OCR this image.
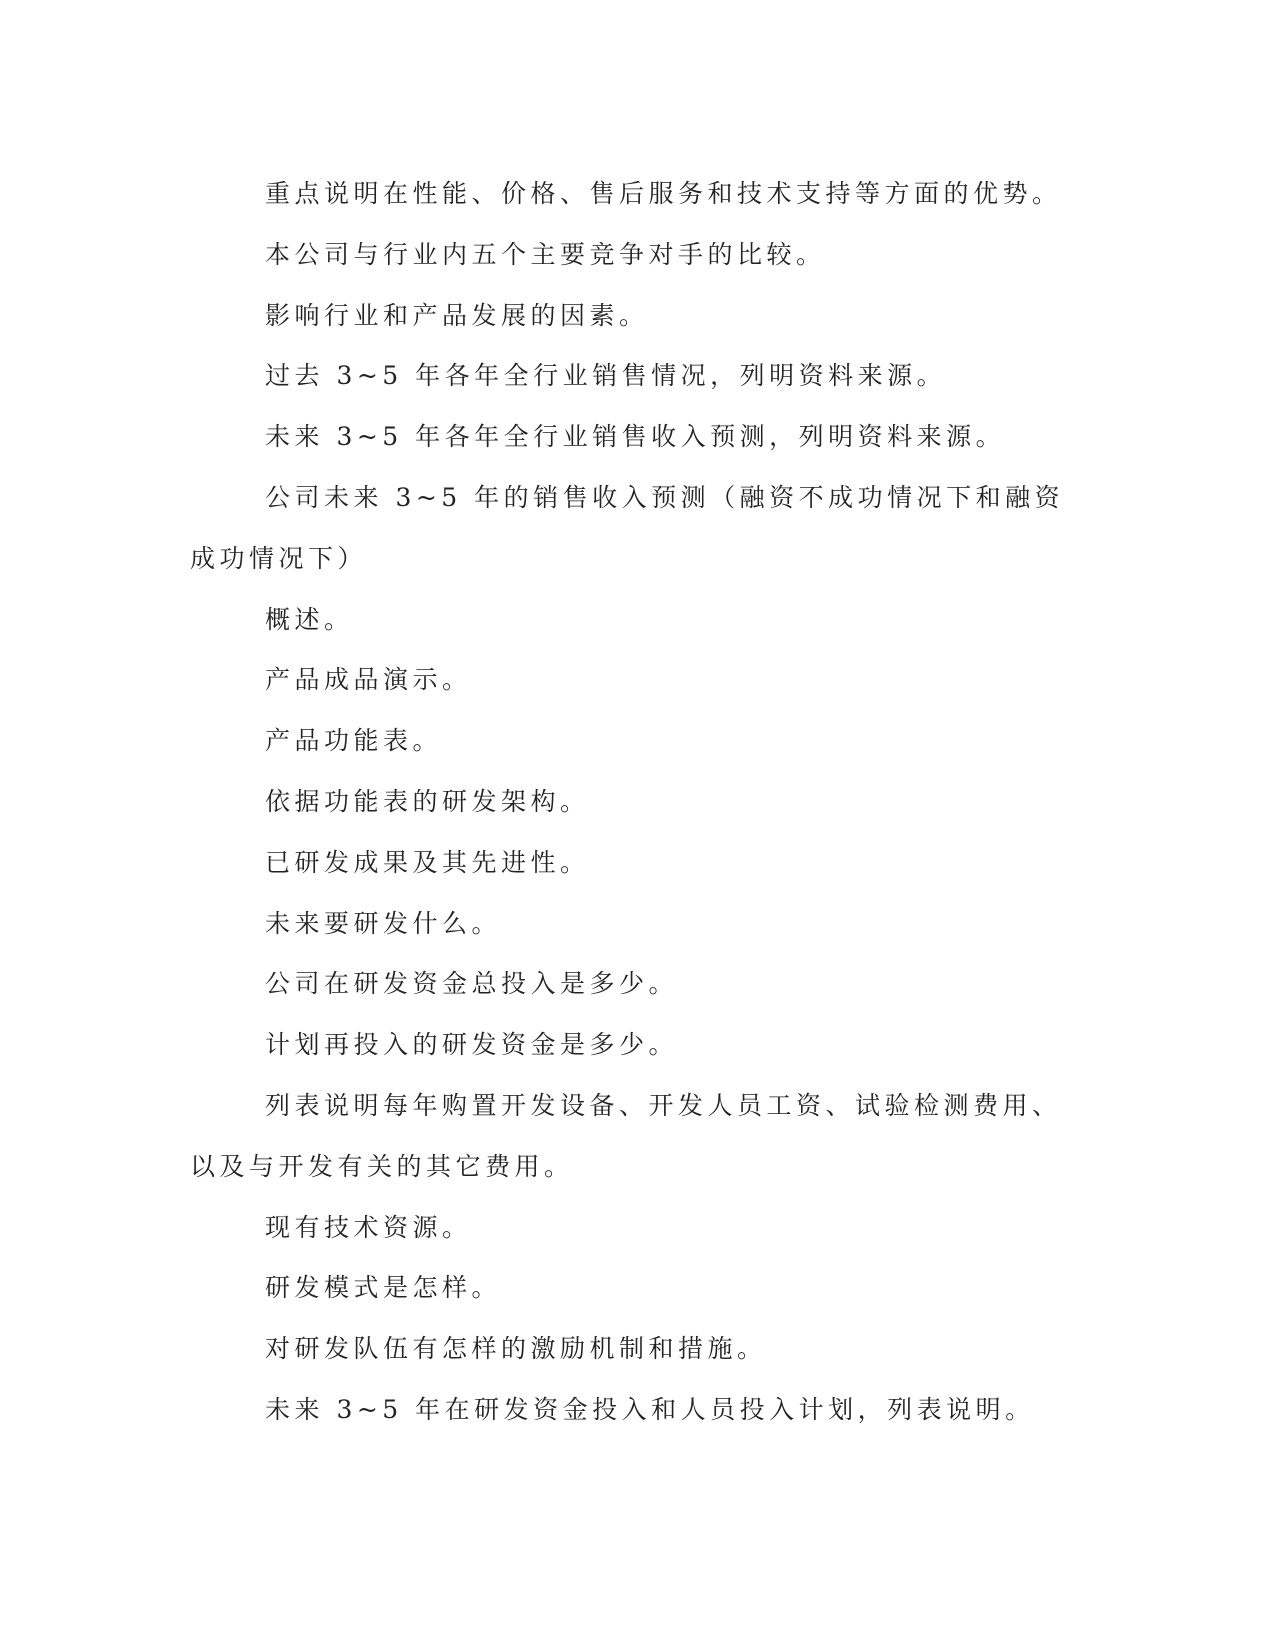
重点说明在性能、价格、售后服务和技术支持等方面的优势。

本公司与行业内五个主要竞争对手的比较。

影响行业和产品发展的因素。

过去 3~5 年各年全行业销售情况，列明资料来源。

未来 3~5 年各年全行业销售收入预测，列明资料来源。

公司未来 3~5 年的销售收入预测（融资不成功情况下和融资成功情况下）

概述。

产品成品演示。

产品功能表。

依据功能表的研发架构。

已研发成果及其先进性。

未来要研发什么。

公司在研发资金总投入是多少。

计划再投入的研发资金是多少。

列表说明每年购置开发设备、开发人员工资、试验检测费用、以及与开发有关的其它费用。

现有技术资源。

研发模式是怎样。

对研发队伍有怎样的激励机制和措施。

未来 3~5 年在研发资金投入和人员投入计划，列表说明。
